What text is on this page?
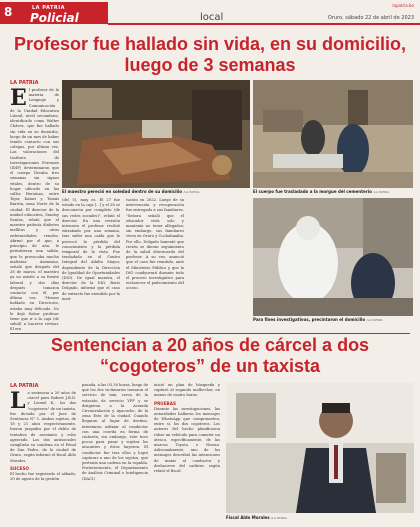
8	LA PATRIA
Policial	local
lapatria.bo
Oruro, sábado 22 de abril de 2023
Profesor fue hallado sin vida, en su domicilio, luego de 3 semanas
LA PATRIA
El profesor de la materia de Lenguaje y Comunicación de la Unidad Educativa Litoral, nivel secundario, identificado como Walter Chávez, que fue hallado sin vida en su domicilio, luego de un mes de haber tenido contacto con sus colegas, por última vez. Las valoraciones del Instituto de Investigaciones Forenses (IDIF) determinaron que el cuerpo llevaba tres semanas sin signos vitales, dentro de su hogar ubicado en las calles Heroínas, entre Tejar, Katari y Tomás Barrón, zona Norte de la ciudad. El director de la unidad educativa, Sandoy Santos, relató que el maestro padecía diabetes mellitus y otras enfermedades renales. Afirmó por el que, a principio de año, le permitieron una salida, que le provocaba mucho malestar. Asimismo, señaló que después del 26 de marzo, el maestro ya no asistió a su fuente laboral y dos días después tomaron contacto con él, por última vez. "Hemos hablado en Directorio, estaba muy delicado. No le dejó Señor profesor tiene que ir a la caja (de salud) a hacerse revisar. El era
El maestro pereció en soledad dentro de su domicilio /LA PATRIA	El cuerpo fue trasladado a la morgue del cementerio /LA PATRIA
(de) 5), muy es. El 27 fue estado en la caja [...] y el 28 se desconecta por completo (de sus redes sociales)", relató el director. En una revisión intensiva el profesor recibió extrañado por una semana, tras sufrir una caída que le provocó la pérdida del conocimiento y la pérdida temporal de la vista. Fue trasladado en el Centro Integral del Adulto Mayor, dependiente de la Dirección de Igualdad de Oportunidades (DIO). De igual manera, el director de la DIO, Boris Delgado, informó que el caso de extravío fue atendido por la insti-
tución en 2022. Luego de su intervención y recuperación fue entregado a sus familiares. "Señora señaló que el educador vivía solo y mantenía no tener allegados; sin embargo, sus familiares viven en Oruro y Cochabamba. Por ello, Delgado lamentó que recién se dieran seguimiento de la salud deteriorada del profesor. A su vez, anunció que el caso fue remitido, ante el Ministerio Público y que la DIO coadyuvará durante todo el proceso investigativo para esclarecer el padecimiento del occiso.
Para fines investigativos, precintaron el domicilio /LA PATRIA
Sentencian a 20 años de cárcel a dos “cogoteros” de un taxista
LA PATRIA
La sentencia a 20 años de cárcel para Robert J.B.N. y Leonel K., los dos "cogoteros" de un taxista, fue dictada por el Juez de Sentencia N° 5. Ambos sujetos, de 18 y 21 años respectivamente, fueron juzgados por el delito de tentativa de asesinato y robo agravado. Los dos antisociales cumplirán su condena en el Penal de San Pedro, de la ciudad de Oruro, según informó el fiscal Aldo Morales.
SUCESO
El hecho fue registrado el sábado, 20 de agosto de la gestión
pasada, a las 03.30 horas, luego de que los dos victimarios tomaron el servicio de taxi, cerca de la estación de servicio YPF y se dirigieron a la Avenida Circunvalación y Ayacucho, de la zona Este de la ciudad. Cuando llegaron al lugar de destino, intentaron asfixiar al conductor con una cuerda en forma de cinturón; sin embargo, éste tuvo pocos para pasar y sujetar los atacantes y éstos huyeron. El conductor fue tras ellos y logró capturar a uno de los sujetos, que pertenía una cadena en la espalda. Posteriormente, el Departamento de Análisis Criminal e Inteligencia (DACI)
inició un plan de búsqueda y capturó al segundo malhechor, en menos de cuatro horas.
PRUEBAS
Durante las investigaciones, las autoridades hallaron los mensajes de WhatsApp que comprometen, entre sí, los dos cogoteros. Los autores del hecho planificaron robar un vehículo para cometer un atraco, específicamente, de las marcas Toyota o Nissan. Adicionalmente, uno de los mensajes describió las intenciones de matar al conductor y deshacerse del cadáver, según relató el fiscal.
Fiscal Aldo Morales /LA PATRIA
